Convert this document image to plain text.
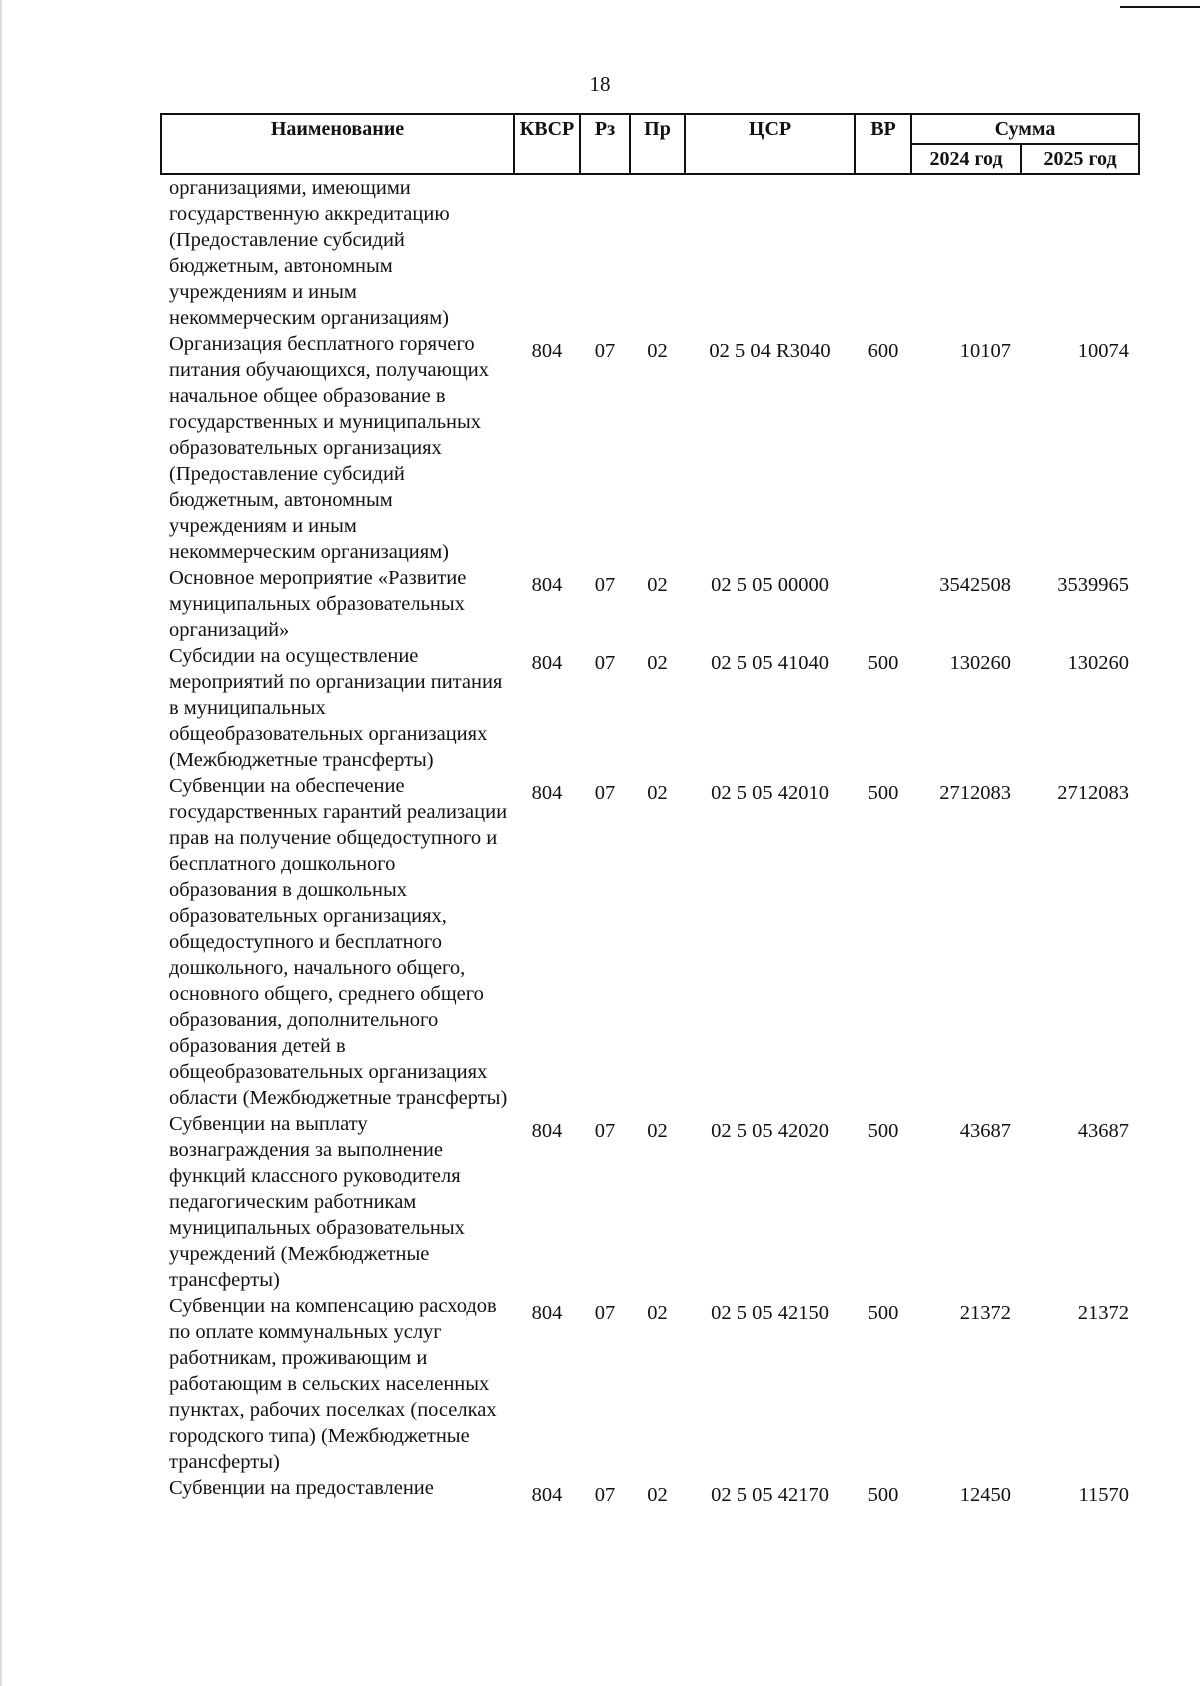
18
Наименование	КВСР	Рз	Пр	ЦСР	ВР	Сумма	
						2024 год	2025 год
организациями, имеющими государственную аккредитацию (Предоставление субсидий бюджетным, автономным учреждениям и иным некоммерческим организациям)							
Организация бесплатного горячего питания обучающихся, получающих начальное общее образование в государственных и муниципальных образовательных организациях (Предоставление субсидий бюджетным, автономным учреждениям и иным некоммерческим организациям)	804	07	02	02 5 04 R3040	600	10107	10074
Основное мероприятие «Развитие муниципальных образовательных организаций»	804	07	02	02 5 05 00000		3542508	3539965
Субсидии на осуществление мероприятий по организации питания в муниципальных общеобразовательных организациях (Межбюджетные трансферты)	804	07	02	02 5 05 41040	500	130260	130260
Субвенции на обеспечение государственных гарантий реализации прав на получение общедоступного и бесплатного дошкольного образования в дошкольных образовательных организациях, общедоступного и бесплатного дошкольного, начального общего, основного общего, среднего общего образования, дополнительного образования детей в общеобразовательных организациях области (Межбюджетные трансферты)	804	07	02	02 5 05 42010	500	2712083	2712083
Субвенции на выплату вознаграждения за выполнение функций классного руководителя педагогическим работникам муниципальных образовательных учреждений (Межбюджетные трансферты)	804	07	02	02 5 05 42020	500	43687	43687
Субвенции на компенсацию расходов по оплате коммунальных услуг работникам, проживающим и работающим в сельских населенных пунктах, рабочих поселках (поселках городского типа) (Межбюджетные трансферты)	804	07	02	02 5 05 42150	500	21372	21372
Субвенции на предоставление	804	07	02	02 5 05 42170	500	12450	11570
